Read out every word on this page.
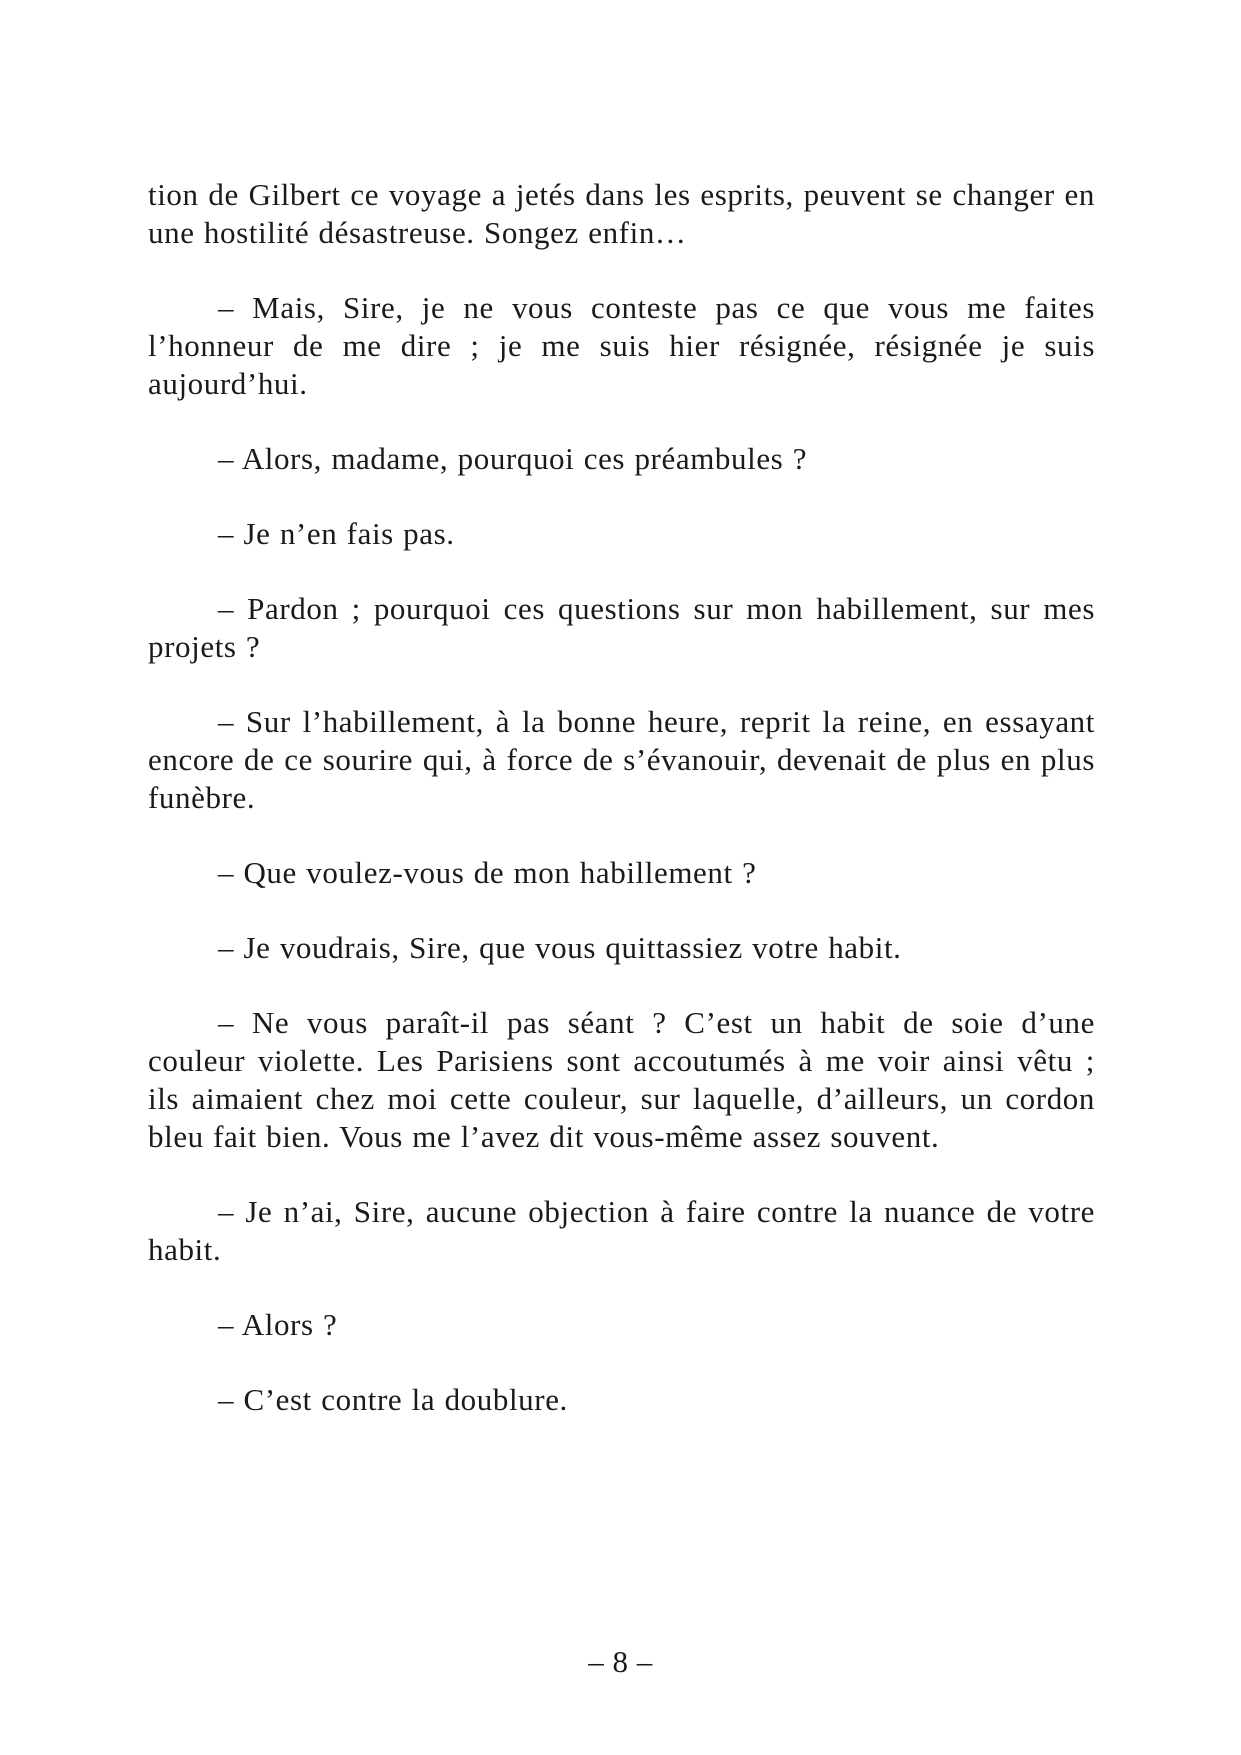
tion de Gilbert ce voyage a jetés dans les esprits, peuvent se changer en une hostilité désastreuse. Songez enfin…

– Mais, Sire, je ne vous conteste pas ce que vous me faites l’honneur de me dire ; je me suis hier résignée, résignée je suis aujourd’hui.

– Alors, madame, pourquoi ces préambules ?

– Je n’en fais pas.

– Pardon ; pourquoi ces questions sur mon habillement, sur mes projets ?

– Sur l’habillement, à la bonne heure, reprit la reine, en essayant encore de ce sourire qui, à force de s’évanouir, devenait de plus en plus funèbre.

– Que voulez-vous de mon habillement ?

– Je voudrais, Sire, que vous quittassiez votre habit.

– Ne vous paraît-il pas séant ? C’est un habit de soie d’une couleur violette. Les Parisiens sont accoutumés à me voir ainsi vêtu ; ils aimaient chez moi cette couleur, sur laquelle, d’ailleurs, un cordon bleu fait bien. Vous me l’avez dit vous-même assez souvent.

– Je n’ai, Sire, aucune objection à faire contre la nuance de votre habit.

– Alors ?

– C’est contre la doublure.

– 8 –
